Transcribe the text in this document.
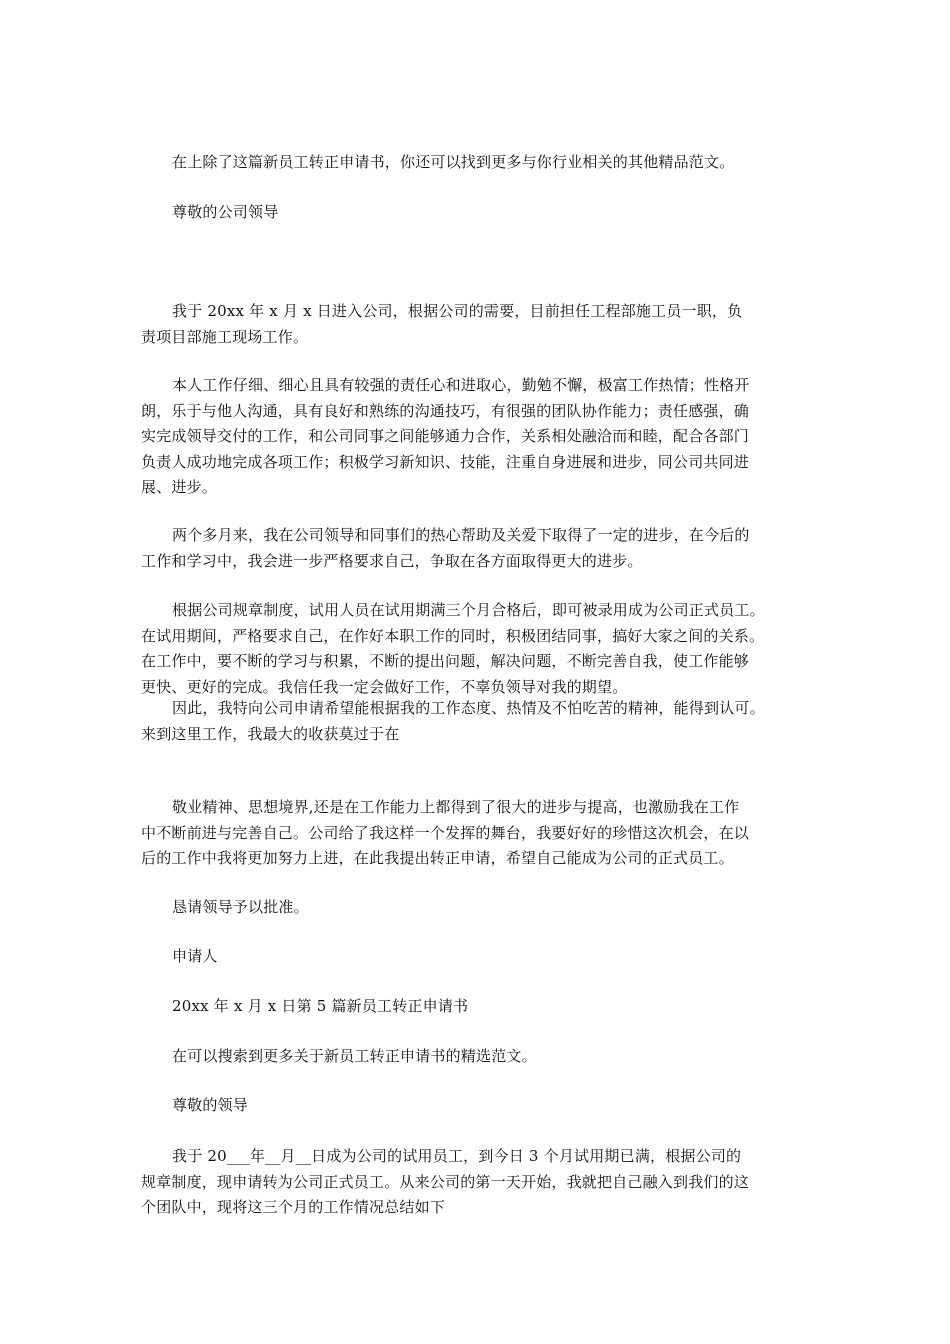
在上除了这篇新员工转正申请书，你还可以找到更多与你行业相关的其他精品范文。

尊敬的公司领导

我于 20xx 年 x 月 x 日进入公司，根据公司的需要，目前担任工程部施工员一职，负
责项目部施工现场工作。
本人工作仔细、细心且具有较强的责任心和进取心，勤勉不懈，极富工作热情；性格开
朗，乐于与他人沟通，具有良好和熟练的沟通技巧，有很强的团队协作能力；责任感强，确
实完成领导交付的工作，和公司同事之间能够通力合作，关系相处融洽而和睦，配合各部门
负责人成功地完成各项工作；积极学习新知识、技能，注重自身进展和进步，同公司共同进
展、进步。
两个多月来，我在公司领导和同事们的热心帮助及关爱下取得了一定的进步，在今后的
工作和学习中，我会进一步严格要求自己，争取在各方面取得更大的进步。
根据公司规章制度，试用人员在试用期满三个月合格后，即可被录用成为公司正式员工。
在试用期间，严格要求自己，在作好本职工作的同时，积极团结同事，搞好大家之间的关系。
在工作中，要不断的学习与积累，不断的提出问题，解决问题，不断完善自我，使工作能够
更快、更好的完成。我信任我一定会做好工作，不辜负领导对我的期望。
因此，我特向公司申请希望能根据我的工作态度、热情及不怕吃苦的精神，能得到认可。
来到这里工作，我最大的收获莫过于在
敬业精神、思想境界,还是在工作能力上都得到了很大的进步与提高，也激励我在工作
中不断前进与完善自己。公司给了我这样一个发挥的舞台，我要好好的珍惜这次机会，在以
后的工作中我将更加努力上进，在此我提出转正申请，希望自己能成为公司的正式员工。

恳请领导予以批准。

申请人

20xx 年 x 月 x 日第 5 篇新员工转正申请书

在可以搜索到更多关于新员工转正申请书的精选范文。

尊敬的领导

我于 20___年__月__日成为公司的试用员工，到今日 3 个月试用期已满，根据公司的
规章制度，现申请转为公司正式员工。从来公司的第一天开始，我就把自己融入到我们的这
个团队中，现将这三个月的工作情况总结如下
